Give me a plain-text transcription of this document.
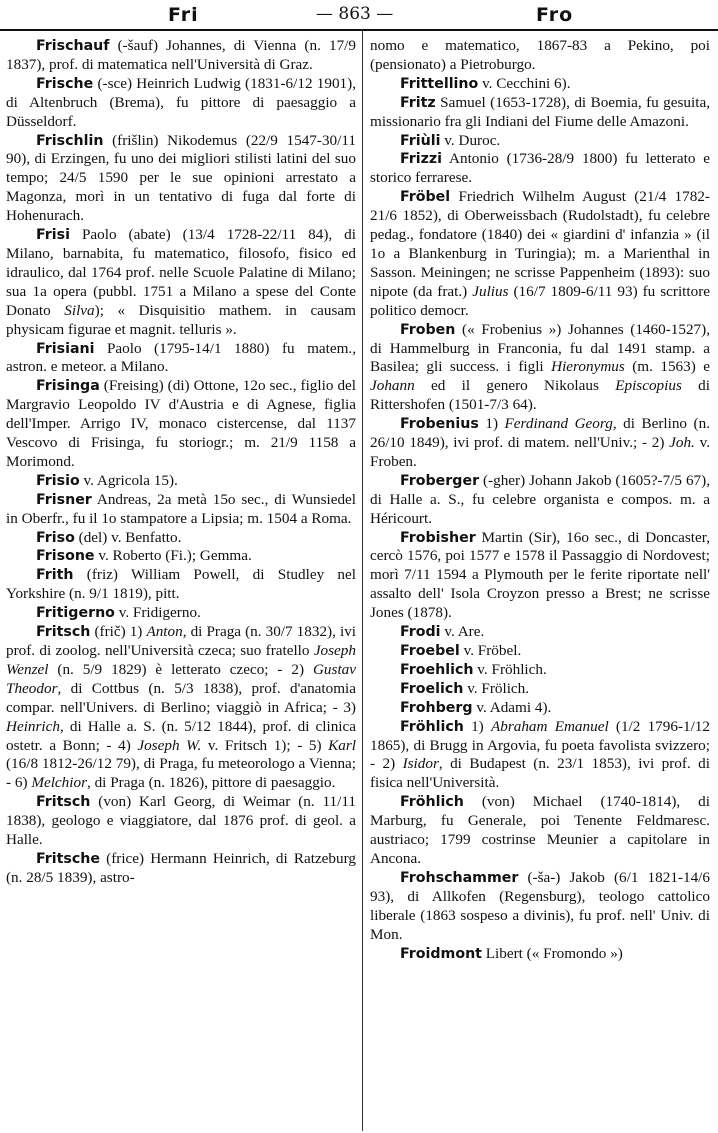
Fri	— 863 —	Fro

Frischauf (-šauf) Johannes, di Vienna (n. 17/9 1837), prof. di matematica nell'Università di Graz.

Frische (-sce) Heinrich Ludwig (1831-6/12 1901), di Altenbruch (Brema), fu pittore di paesaggio a Düsseldorf.

Frischlin (frišlin) Nikodemus (22/9 1547-30/11 90), di Erzingen, fu uno dei migliori stilisti latini del suo tempo; 24/5 1590 per le sue opinioni arrestato a Magonza, morì in un tentativo di fuga dal forte di Hohenurach.

Frisi Paolo (abate) (13/4 1728-22/11 84), di Milano, barnabita, fu matematico, filosofo, fisico ed idraulico, dal 1764 prof. nelle Scuole Palatine di Milano; sua 1a opera (pubbl. 1751 a Milano a spese del Conte Donato Silva); « Disquisitio mathem. in causam physicam figurae et magnit. telluris ».

Frisiani Paolo (1795-14/1 1880) fu matem., astron. e meteor. a Milano.

Frisinga (Freising) (di) Ottone, 12o sec., figlio del Margravio Leopoldo IV d'Austria e di Agnese, figlia dell'Imper. Arrigo IV, monaco cistercense, dal 1137 Vescovo di Frisinga, fu storiogr.; m. 21/9 1158 a Morimond.

Frisio v. Agricola 15).

Frisner Andreas, 2a metà 15o sec., di Wunsiedel in Oberfr., fu il 1o stampatore a Lipsia; m. 1504 a Roma.

Friso (del) v. Benfatto.

Frisone v. Roberto (Fi.); Gemma.

Frith (friz) William Powell, di Studley nel Yorkshire (n. 9/1 1819), pitt.

Fritigerno v. Fridigerno.

Fritsch (frič) 1) Anton, di Praga (n. 30/7 1832), ivi prof. di zoolog. nell'Università czeca; suo fratello Joseph Wenzel (n. 5/9 1829) è letterato czeco; - 2) Gustav Theodor, di Cottbus (n. 5/3 1838), prof. d'anatomia compar. nell'Univers. di Berlino; viaggiò in Africa; - 3) Heinrich, di Halle a. S. (n. 5/12 1844), prof. di clinica ostetr. a Bonn; - 4) Joseph W. v. Fritsch 1); - 5) Karl (16/8 1812-26/12 79), di Praga, fu meteorologo a Vienna; - 6) Melchior, di Praga (n. 1826), pittore di paesaggio.

Fritsch (von) Karl Georg, di Weimar (n. 11/11 1838), geologo e viaggiatore, dal 1876 prof. di geol. a Halle.

Fritsche (frice) Hermann Heinrich, di Ratzeburg (n. 28/5 1839), astro-

nomo e matematico, 1867-83 a Pekino, poi (pensionato) a Pietroburgo.

Frittellino v. Cecchini 6).

Fritz Samuel (1653-1728), di Boemia, fu gesuita, missionario fra gli Indiani del Fiume delle Amazoni.

Friùli v. Duroc.

Frizzi Antonio (1736-28/9 1800) fu letterato e storico ferrarese.

Fröbel Friedrich Wilhelm August (21/4 1782-21/6 1852), di Oberweissbach (Rudolstadt), fu celebre pedag., fondatore (1840) dei « giardini d' infanzia » (il 1o a Blankenburg in Turingia); m. a Marienthal in Sasson. Meiningen; ne scrisse Pappenheim (1893): suo nipote (da frat.) Julius (16/7 1809-6/11 93) fu scrittore politico democr.

Froben (« Frobenius ») Johannes (1460-1527), di Hammelburg in Franconia, fu dal 1491 stamp. a Basilea; gli success. i figli Hieronymus (m. 1563) e Johann ed il genero Nikolaus Episcopius di Rittershofen (1501-7/3 64).

Frobenius 1) Ferdinand Georg, di Berlino (n. 26/10 1849), ivi prof. di matem. nell'Univ.; - 2) Joh. v. Froben.

Froberger (-gher) Johann Jakob (1605?-7/5 67), di Halle a. S., fu celebre organista e compos. m. a Héricourt.

Frobisher Martin (Sir), 16o sec., di Doncaster, cercò 1576, poi 1577 e 1578 il Passaggio di Nordovest; morì 7/11 1594 a Plymouth per le ferite riportate nell' assalto dell' Isola Croyzon presso a Brest; ne scrisse Jones (1878).

Frodi v. Are.

Froebel v. Fröbel.

Froehlich v. Fröhlich.

Froelich v. Frölich.

Frohberg v. Adami 4).

Fröhlich 1) Abraham Emanuel (1/2 1796-1/12 1865), di Brugg in Argovia, fu poeta favolista svizzero; - 2) Isidor, di Budapest (n. 23/1 1853), ivi prof. di fisica nell'Università.

Fröhlich (von) Michael (1740-1814), di Marburg, fu Generale, poi Tenente Feldmaresc. austriaco; 1799 costrinse Meunier a capitolare in Ancona.

Frohschammer (-ša-) Jakob (6/1 1821-14/6 93), di Allkofen (Regensburg), teologo cattolico liberale (1863 sospeso a divinis), fu prof. nell' Univ. di Mon.

Froidmont Libert (« Fromondo »)
